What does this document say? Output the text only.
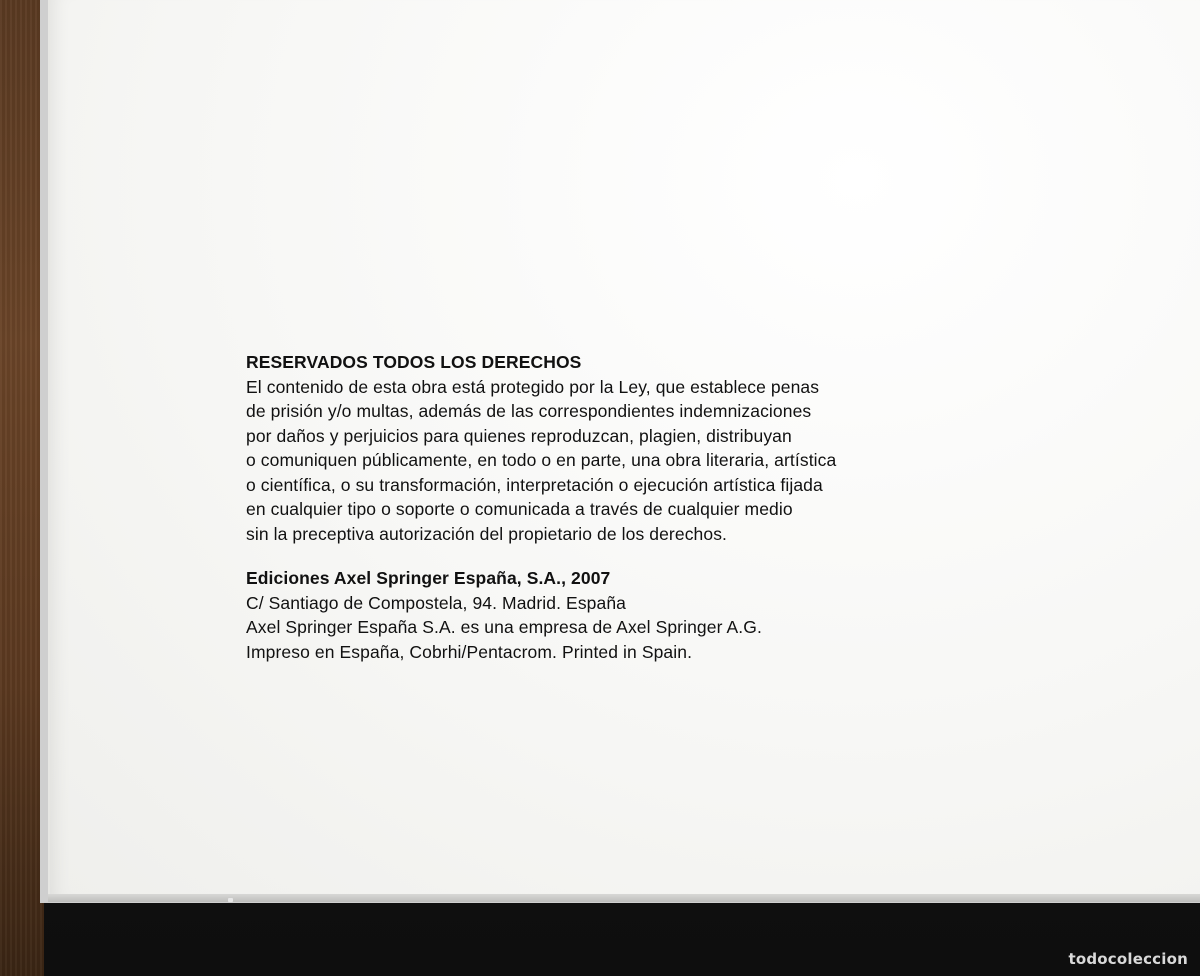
RESERVADOS TODOS LOS DERECHOS

El contenido de esta obra está protegido por la Ley, que establece penas

de prisión y/o multas, además de las correspondientes indemnizaciones

por daños y perjuicios para quienes reproduzcan, plagien, distribuyan

o comuniquen públicamente, en todo o en parte, una obra literaria, artística

o científica, o su transformación, interpretación o ejecución artística fijada

en cualquier tipo o soporte o comunicada a través de cualquier medio

sin la preceptiva autorización del propietario de los derechos.

Ediciones Axel Springer España, S.A., 2007

C/ Santiago de Compostela, 94. Madrid. España

Axel Springer España S.A. es una empresa de Axel Springer A.G.

Impreso en España, Cobrhi/Pentacrom. Printed in Spain.

todocoleccion
